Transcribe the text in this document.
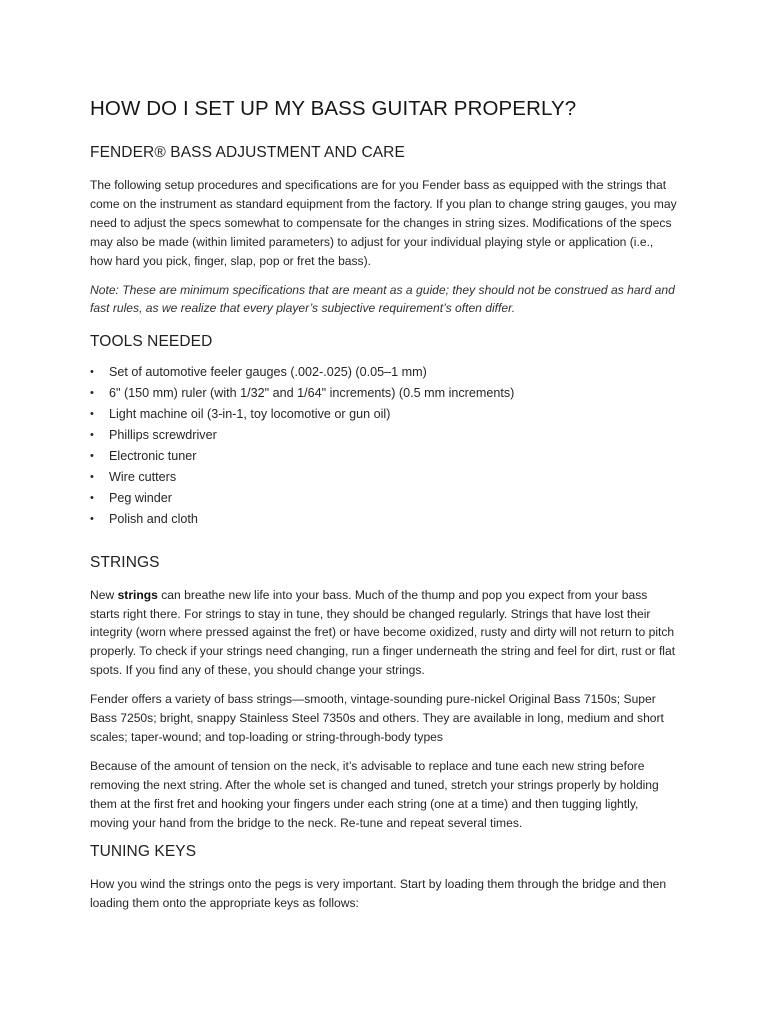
HOW DO I SET UP MY BASS GUITAR PROPERLY?
FENDER® BASS ADJUSTMENT AND CARE

The following setup procedures and specifications are for you Fender bass as equipped with the strings that come on the instrument as standard equipment from the factory. If you plan to change string gauges, you may need to adjust the specs somewhat to compensate for the changes in string sizes. Modifications of the specs may also be made (within limited parameters) to adjust for your individual playing style or application (i.e., how hard you pick, finger, slap, pop or fret the bass).

Note: These are minimum specifications that are meant as a guide; they should not be construed as hard and fast rules, as we realize that every player’s subjective requirement’s often differ.

TOOLS NEEDED
• Set of automotive feeler gauges (.002-.025) (0.05–1 mm)
• 6" (150 mm) ruler (with 1/32" and 1/64" increments) (0.5 mm increments)
• Light machine oil (3-in-1, toy locomotive or gun oil)
• Phillips screwdriver
• Electronic tuner
• Wire cutters
• Peg winder
• Polish and cloth
STRINGS

New strings can breathe new life into your bass. Much of the thump and pop you expect from your bass starts right there. For strings to stay in tune, they should be changed regularly. Strings that have lost their integrity (worn where pressed against the fret) or have become oxidized, rusty and dirty will not return to pitch properly. To check if your strings need changing, run a finger underneath the string and feel for dirt, rust or flat spots. If you find any of these, you should change your strings.

Fender offers a variety of bass strings—smooth, vintage-sounding pure-nickel Original Bass 7150s; Super Bass 7250s; bright, snappy Stainless Steel 7350s and others. They are available in long, medium and short scales; taper-wound; and top-loading or string-through-body types

Because of the amount of tension on the neck, it’s advisable to replace and tune each new string before removing the next string. After the whole set is changed and tuned, stretch your strings properly by holding them at the first fret and hooking your fingers under each string (one at a time) and then tugging lightly, moving your hand from the bridge to the neck. Re-tune and repeat several times.

TUNING KEYS

How you wind the strings onto the pegs is very important. Start by loading them through the bridge and then loading them onto the appropriate keys as follows:
